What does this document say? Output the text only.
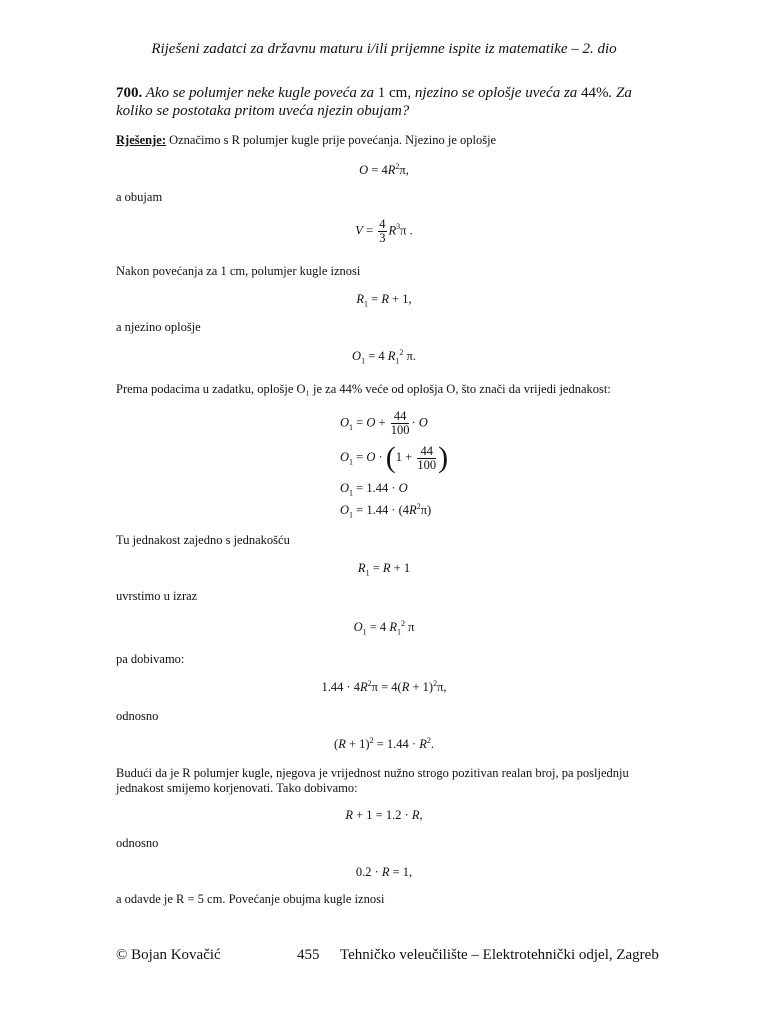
Riješeni zadatci za državnu maturu i/ili prijemne ispite iz matematike – 2. dio
700. Ako se polumjer neke kugle poveća za 1 cm, njezino se oplošje uveća za 44%. Za koliko se postotaka pritom uveća njezin obujam?
Rješenje: Označimo s R polumjer kugle prije povećanja. Njezino je oplošje
$O = 4R^2\pi$,
a obujam
$V = \frac{4}{3} R^3\pi$ .
Nakon povećanja za 1 cm, polumjer kugle iznosi
$R_1 = R + 1$,
a njezino oplošje
$O_1 = 4$ $R_1^2$ π.
Prema podacima u zadatku, oplošje O₁ je za 44% veće od oplošja O, što znači da vrijedi jednakost:
$O_1 = O + \frac{44}{100} \cdot O$
$O_1 = O \cdot (1 + \frac{44}{100}$ )
$O_1 = 1.44 \cdot O$
$O_1 = 1.44 \cdot (4R^2\pi)$
Tu jednakost zajedno s jednakošću
$R_1 = R + 1$
uvrstimo u izraz
$O_1 = 4$ $R_1^2$ π
pa dobivamo:
$1.44 \cdot 4R^2\pi = 4(R + 1)^2\pi$,
odnosno
$(R + 1)^2 = 1.44 \cdot R^2$.
Budući da je R polumjer kugle, njegova je vrijednost nužno strogo pozitivan realan broj, pa posljednju jednakost smijemo korjenovati. Tako dobivamo:
R + 1 = 1.2 · R,
odnosno
0.2 · R = 1,
a odavde je R = 5 cm. Povećanje obujma kugle iznosi
© Bojan Kovačić	455 Tehničko veleučilište – Elektrotehnički odjel, Zagreb
